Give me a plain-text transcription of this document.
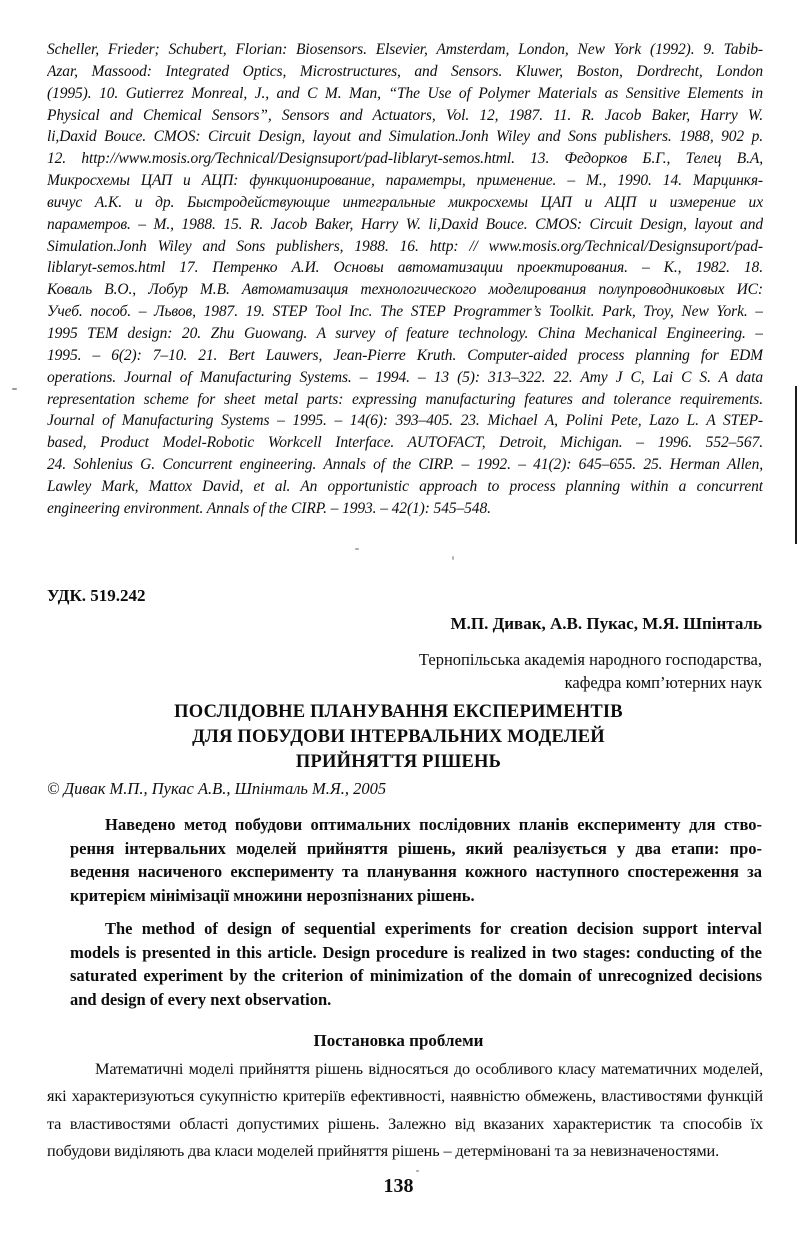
Scheller, Frieder; Schubert, Florian: Biosensors. Elsevier, Amsterdam, London, New York (1992). 9. Tabib-
Azar, Massood: Integrated Optics, Microstructures, and Sensors. Kluwer, Boston, Dordrecht, London
(1995). 10. Gutierrez Monreal, J., and C M. Man, “The Use of Polymer Materials as Sensitive Elements in
Physical and Chemical Sensors”, Sensors and Actuators, Vol. 12, 1987. 11. R. Jacob Baker, Harry W.
li,Daxid Bouce. CMOS: Circuit Design, layout and Simulation.Jonh Wiley and Sons publishers. 1988, 902 p.
12. http://www.mosis.org/Technical/Designsuport/pad-liblaryt-semos.html. 13. Федорков Б.Г., Телец В.А,
Микросхемы ЦАП и АЦП: функционирование, параметры, применение. – М., 1990. 14. Марцинкя-
вичус А.К. и др. Быстродействующие интегральные микросхемы ЦАП и АЦП и измерение их
параметров. – М., 1988. 15. R. Jacob Baker, Harry W. li,Daxid Bouce. CMOS: Circuit Design, layout and
Simulation.Jonh Wiley and Sons publishers, 1988. 16. http: // www.mosis.org/Technical/Designsuport/pad-
liblaryt-semos.html 17. Петренко А.И. Основы автоматизации проектирования. – К., 1982. 18.
Коваль В.О., Лобур М.В. Автоматизация технологического моделирования полупроводниковых ИС:
Учеб. пособ. – Львов, 1987. 19. STEP Tool Inc. The STEP Programmer’s Toolkit. Park, Troy, New York. –
1995 TEM design: 20. Zhu Guowang. A survey of feature technology. China Mechanical Engineering. –
1995. – 6(2): 7–10. 21. Bert Lauwers, Jean-Pierre Kruth. Computer-aided process planning for EDM
operations. Journal of Manufacturing Systems. – 1994. – 13 (5): 313–322. 22. Amy J C, Lai C S. A data
representation scheme for sheet metal parts: expressing manufacturing features and tolerance requirements.
Journal of Manufacturing Systems – 1995. – 14(6): 393–405. 23. Michael A, Polini Pete, Lazo L. A STEP-
based, Product Model-Robotic Workcell Interface. AUTOFACT, Detroit, Michigan. – 1996. 552–567.
24. Sohlenius G. Concurrent engineering. Annals of the CIRP. – 1992. – 41(2): 645–655. 25. Herman Allen,
Lawley Mark, Mattox David, et al. An opportunistic approach to process planning within a concurrent
engineering environment. Annals of the CIRP. – 1993. – 42(1): 545–548.
УДК. 519.242
М.П. Дивак, А.В. Пукас, М.Я. Шпінталь
Тернопільська академія народного господарства,
кафедра комп’ютерних наук
ПОСЛІДОВНЕ ПЛАНУВАННЯ ЕКСПЕРИМЕНТІВ
ДЛЯ ПОБУДОВИ ІНТЕРВАЛЬНИХ МОДЕЛЕЙ
ПРИЙНЯТТЯ РІШЕНЬ
© Дивак М.П., Пукас А.В., Шпінталь М.Я., 2005
Наведено метод побудови оптимальних послідовних планів експерименту для ство-
рення інтервальних моделей прийняття рішень, який реалізується у два етапи: про-
ведення насиченого експерименту та планування кожного наступного спостереження за
критерієм мінімізації множини нерозпізнаних рішень.
The method of design of sequential experiments for creation decision support interval
models is presented in this article. Design procedure is realized in two stages: conducting of the
saturated experiment by the criterion of minimization of the domain of unrecognized decisions
and design of every next observation.
Постановка проблеми
Математичні моделі прийняття рішень відносяться до особливого класу математичних моделей,
які характеризуються сукупністю критеріїв ефективності, наявністю обмежень, властивостями функцій
та властивостями області допустимих рішень. Залежно від вказаних характеристик та способів їх
побудови виділяють два класи моделей прийняття рішень – детерміновані та за невизначеностями.
138
